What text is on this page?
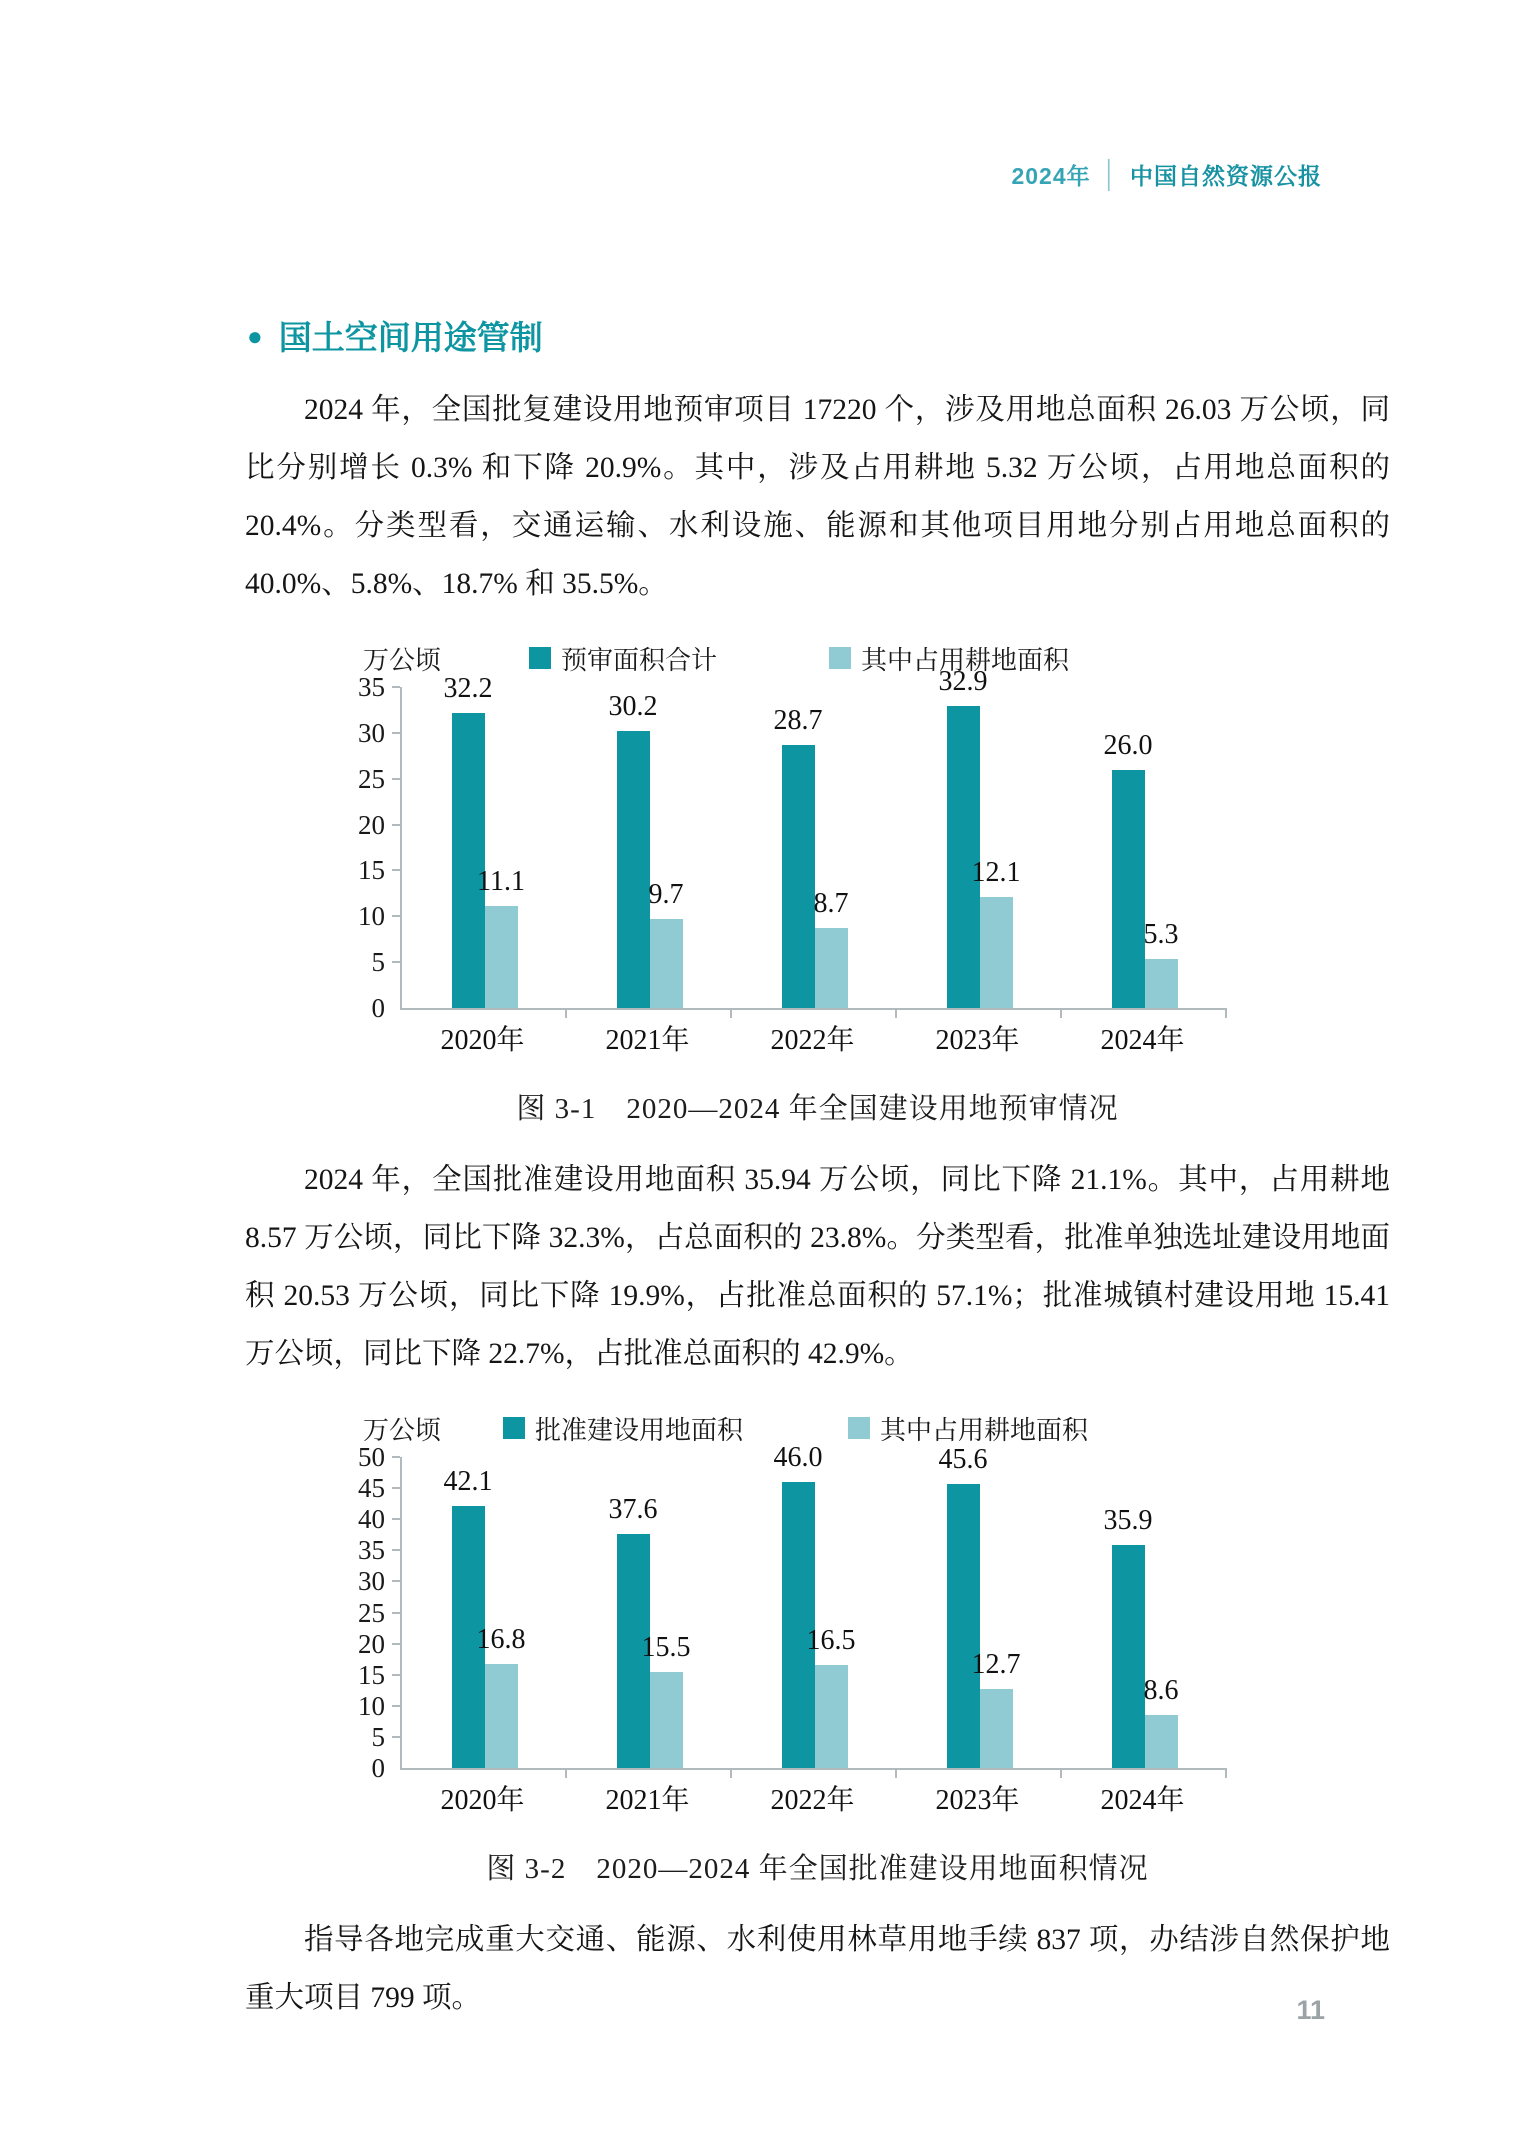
2024年 │ 中国自然资源公报
● 国土空间用途管制

2024 年，全国批复建设用地预审项目 17220 个，涉及用地总面积 26.03 万公顷，同比分别增长 0.3% 和下降 20.9%。其中，涉及占用耕地 5.32 万公顷，占用地总面积的 20.4%。分类型看，交通运输、水利设施、能源和其他项目用地分别占用地总面积的 40.0%、5.8%、18.7% 和 35.5%。

万公顷	预审面积合计	其中占用耕地面积
35
30
25
20
15
10
5
0
32.2
11.1
30.2
9.7
28.7
8.7
32.9
12.1
26.0
5.3
2020年	2021年	2022年	2023年	2024年
图 3-1　2020—2024 年全国建设用地预审情况

2024 年，全国批准建设用地面积 35.94 万公顷，同比下降 21.1%。其中，占用耕地 8.57 万公顷，同比下降 32.3%，占总面积的 23.8%。分类型看，批准单独选址建设用地面积 20.53 万公顷，同比下降 19.9%，占批准总面积的 57.1%；批准城镇村建设用地 15.41 万公顷，同比下降 22.7%，占批准总面积的 42.9%。

万公顷	批准建设用地面积	其中占用耕地面积
50
45
40
35
30
25
20
15
10
5
0
42.1
16.8
37.6
15.5
46.0
16.5
45.6
12.7
35.9
8.6
2020年	2021年	2022年	2023年	2024年
图 3-2　2020—2024 年全国批准建设用地面积情况

指导各地完成重大交通、能源、水利使用林草用地手续 837 项，办结涉自然保护地重大项目 799 项。	11
